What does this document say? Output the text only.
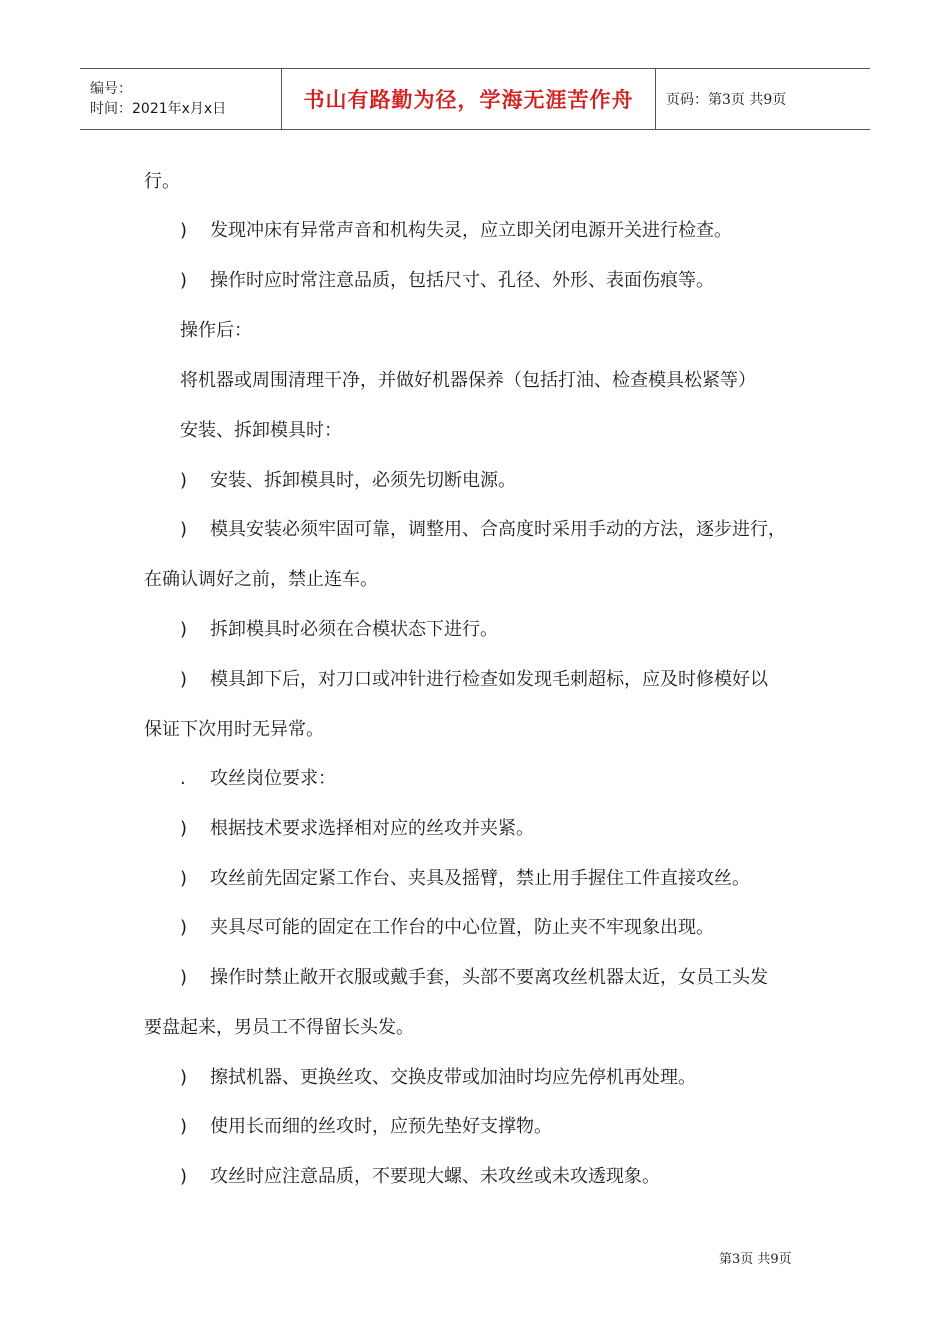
编号：
时间：2021年x月x日	书山有路勤为径，学海无涯苦作舟 页码：第3页 共9页
行。
) 发现冲床有异常声音和机构失灵，应立即关闭电源开关进行检查。
) 操作时应时常注意品质，包括尺寸、孔径、外形、表面伤痕等。
操作后：
将机器或周围清理干净，并做好机器保养（包括打油、检查模具松紧等）
安装、拆卸模具时：
) 安装、拆卸模具时，必须先切断电源。
) 模具安装必须牢固可靠，调整用、合高度时采用手动的方法，逐步进行，
在确认调好之前，禁止连车。
) 拆卸模具时必须在合模状态下进行。
) 模具卸下后，对刀口或冲针进行检查如发现毛刺超标，应及时修模好以
保证下次用时无异常。
. 攻丝岗位要求：
) 根据技术要求选择相对应的丝攻并夹紧。
) 攻丝前先固定紧工作台、夹具及摇臂，禁止用手握住工件直接攻丝。
) 夹具尽可能的固定在工作台的中心位置，防止夹不牢现象出现。
) 操作时禁止敞开衣服或戴手套，头部不要离攻丝机器太近，女员工头发
要盘起来，男员工不得留长头发。
) 擦拭机器、更换丝攻、交换皮带或加油时均应先停机再处理。
) 使用长而细的丝攻时，应预先垫好支撑物。
) 攻丝时应注意品质，不要现大螺、未攻丝或未攻透现象。
第3页 共9页
